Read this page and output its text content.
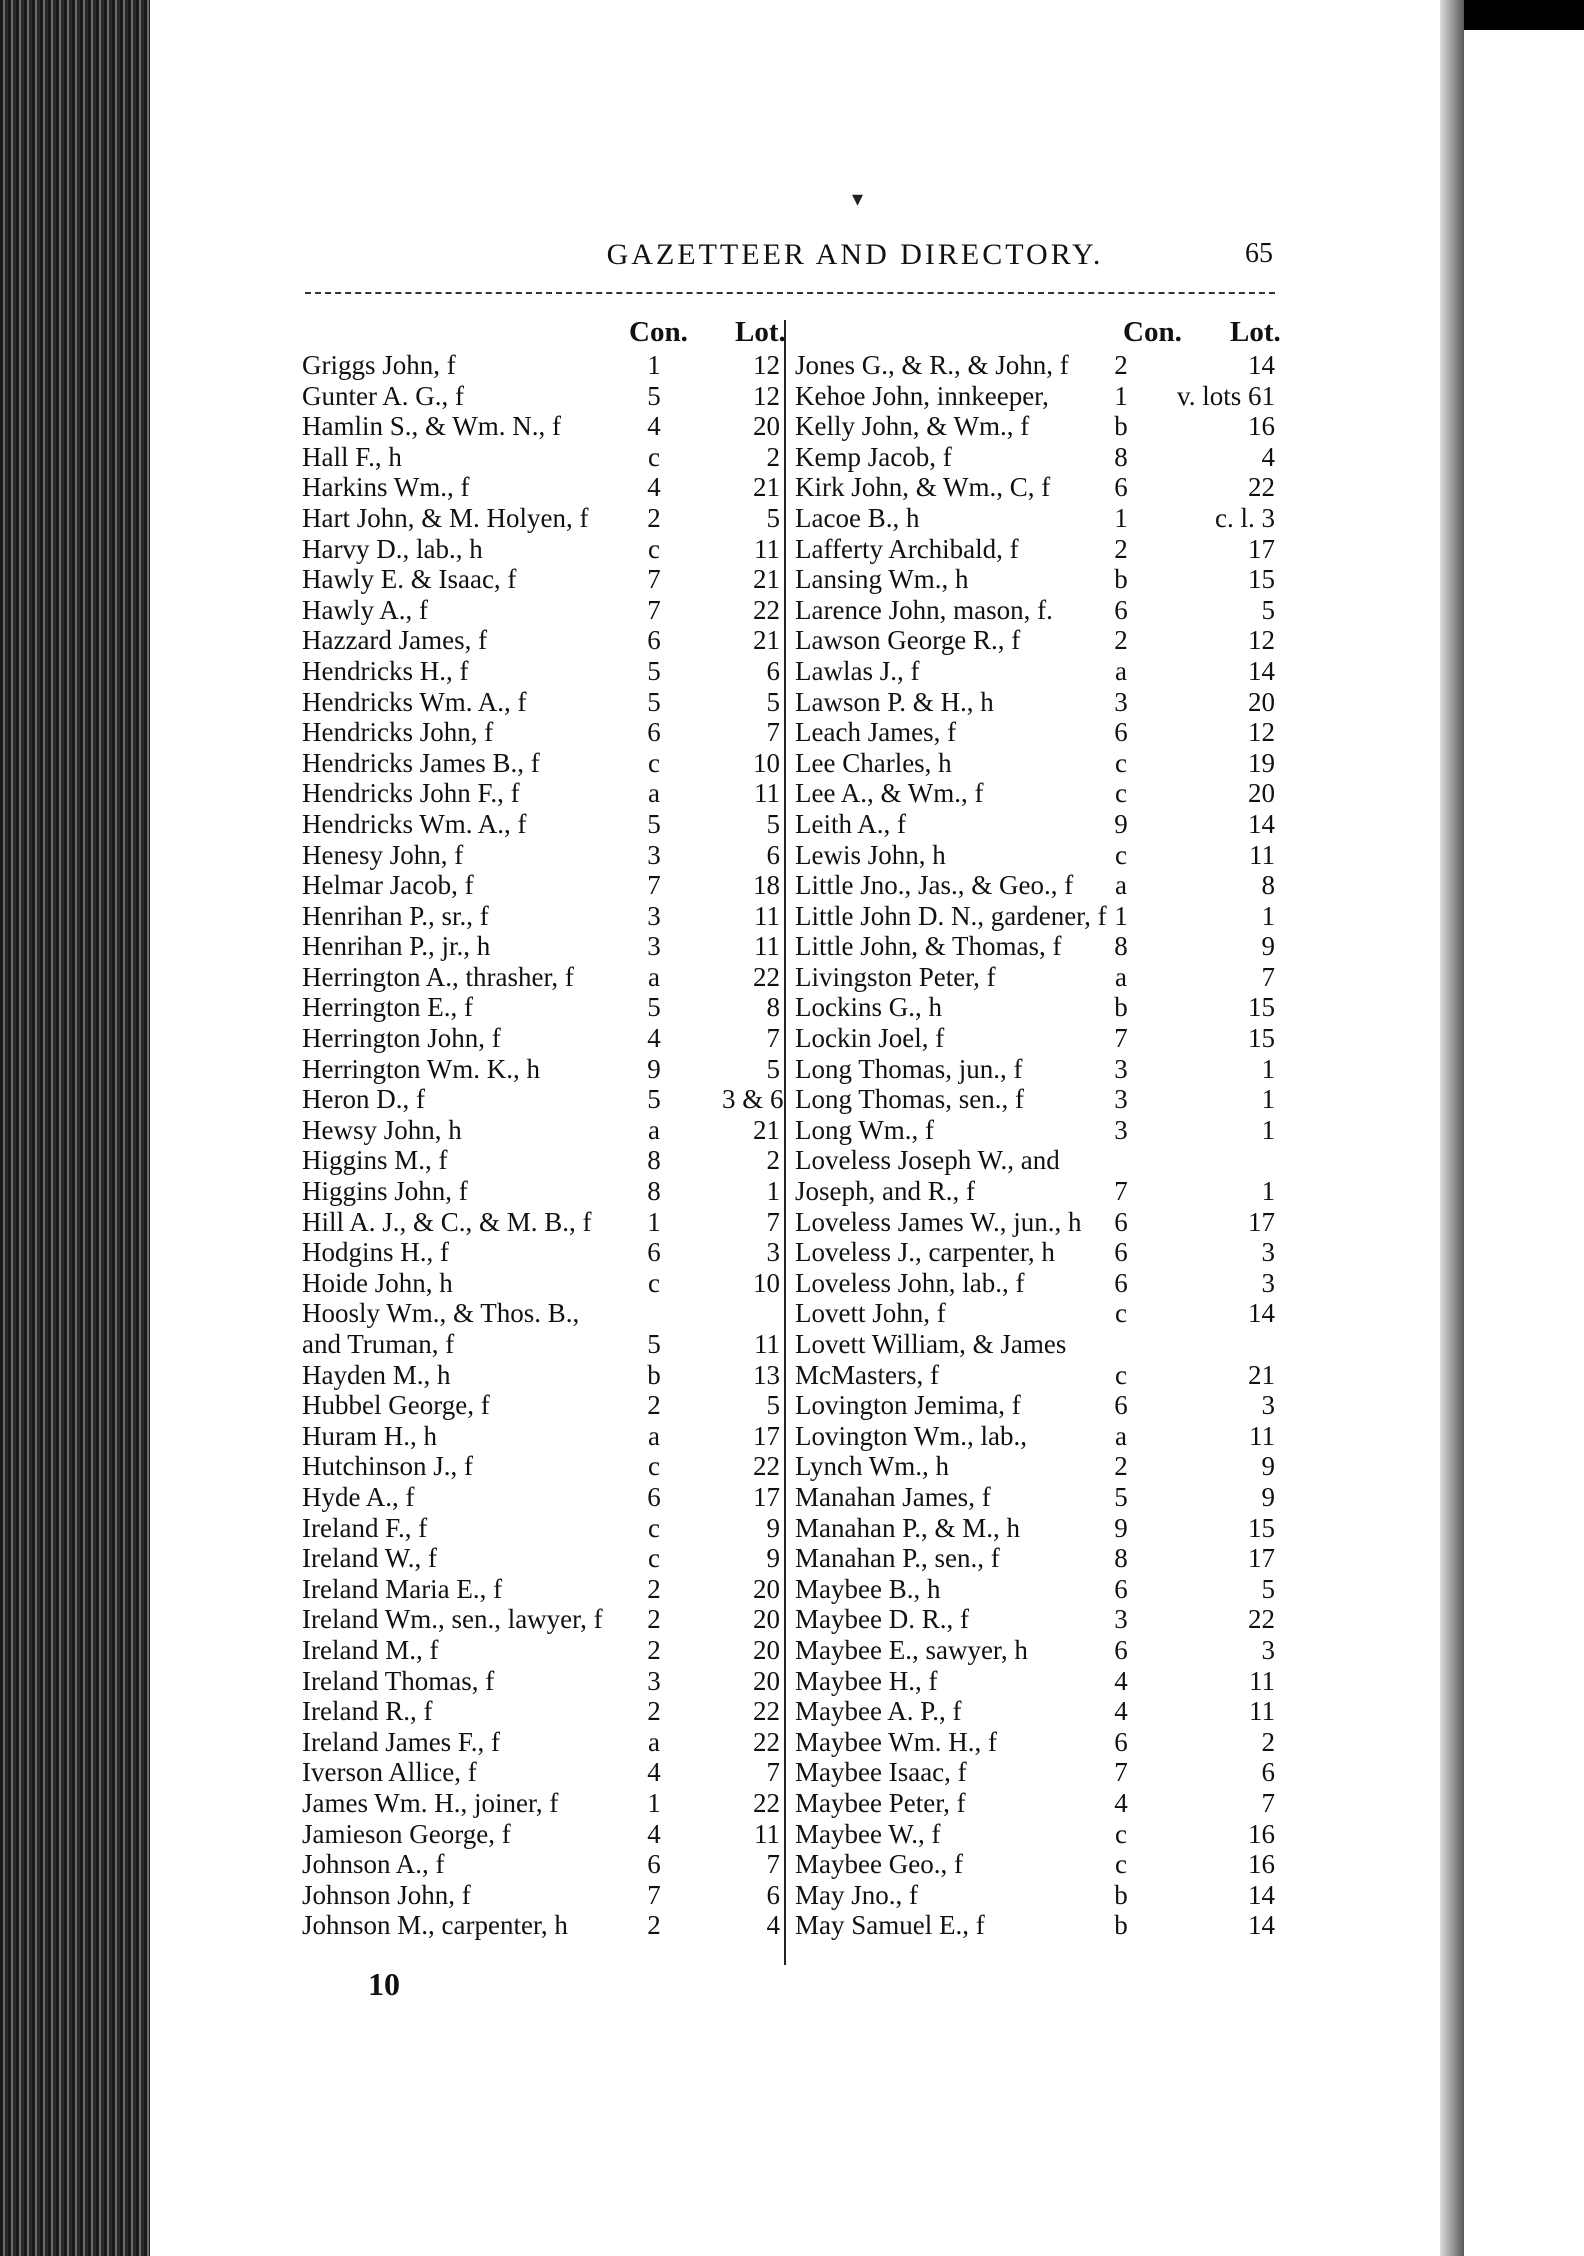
▾
GAZETTEER AND DIRECTORY.	65
Con. Lot.	Con. Lot.
Griggs John, f	1	12
Gunter A. G., f	5	12
Hamlin S., & Wm. N., f	4	20
Hall F., h	c	2
Harkins Wm., f	4	21
Hart John, & M. Holyen, f	2	5
Harvy D., lab., h	c	11
Hawly E. & Isaac, f	7	21
Hawly A., f	7	22
Hazzard James, f	6	21
Hendricks H., f	5	6
Hendricks Wm. A., f	5	5
Hendricks John, f	6	7
Hendricks James B., f	c	10
Hendricks John F., f	a	11
Hendricks Wm. A., f	5	5
Henesy John, f	3	6
Helmar Jacob, f	7	18
Henrihan P., sr., f	3	11
Henrihan P., jr., h	3	11
Herrington A., thrasher, f	a	22
Herrington E., f	5	8
Herrington John, f	4	7
Herrington Wm. K., h	9	5
Heron D., f	5	3 & 6
Hewsy John, h	a	21
Higgins M., f	8	2
Higgins John, f	8	1
Hill A. J., & C., & M. B., f	1	7
Hodgins H., f	6	3
Hoide John, h	c	10
Hoosly Wm., & Thos. B.,
and Truman, f	5	11
Hayden M., h	b	13
Hubbel George, f	2	5
Huram H., h	a	17
Hutchinson J., f	c	22
Hyde A., f	6	17
Ireland F., f	c	9
Ireland W., f	c	9
Ireland Maria E., f	2	20
Ireland Wm., sen., lawyer, f	2	20
Ireland M., f	2	20
Ireland Thomas, f	3	20
Ireland R., f	2	22
Ireland James F., f	a	22
Iverson Allice, f	4	7
James Wm. H., joiner, f	1	22
Jamieson George, f	4	11
Johnson A., f	6	7
Johnson John, f	7	6
Johnson M., carpenter, h	2	4
Jones G., & R., & John, f	2	14
Kehoe John, innkeeper,	1	v. lots 61
Kelly John, & Wm., f	b	16
Kemp Jacob, f	8	4
Kirk John, & Wm., C, f	6	22
Lacoe B., h	1	c. l. 3
Lafferty Archibald, f	2	17
Lansing Wm., h	b	15
Larence John, mason, f.	6	5
Lawson George R., f	2	12
Lawlas J., f	a	14
Lawson P. & H., h	3	20
Leach James, f	6	12
Lee Charles, h	c	19
Lee A., & Wm., f	c	20
Leith A., f	9	14
Lewis John, h	c	11
Little Jno., Jas., & Geo., f	a	8
Little John D. N., gardener, f 1	1
Little John, & Thomas, f	8	9
Livingston Peter, f	a	7
Lockins G., h	b	15
Lockin Joel, f	7	15
Long Thomas, jun., f	3	1
Long Thomas, sen., f	3	1
Long Wm., f	3	1
Loveless Joseph W., and
Joseph, and R., f	7	1
Loveless James W., jun., h	6	17
Loveless J., carpenter, h	6	3
Loveless John, lab., f	6	3
Lovett John, f	c	14
Lovett William, & James
McMasters, f	c	21
Lovington Jemima, f	6	3
Lovington Wm., lab.,	a	11
Lynch Wm., h	2	9
Manahan James, f	5	9
Manahan P., & M., h	9	15
Manahan P., sen., f	8	17
Maybee B., h	6	5
Maybee D. R., f	3	22
Maybee E., sawyer, h	6	3
Maybee H., f	4	11
Maybee A. P., f	4	11
Maybee Wm. H., f	6	2
Maybee Isaac, f	7	6
Maybee Peter, f	4	7
Maybee W., f	c	16
Maybee Geo., f	c	16
May Jno., f	b	14
May Samuel E., f	b	14
10
